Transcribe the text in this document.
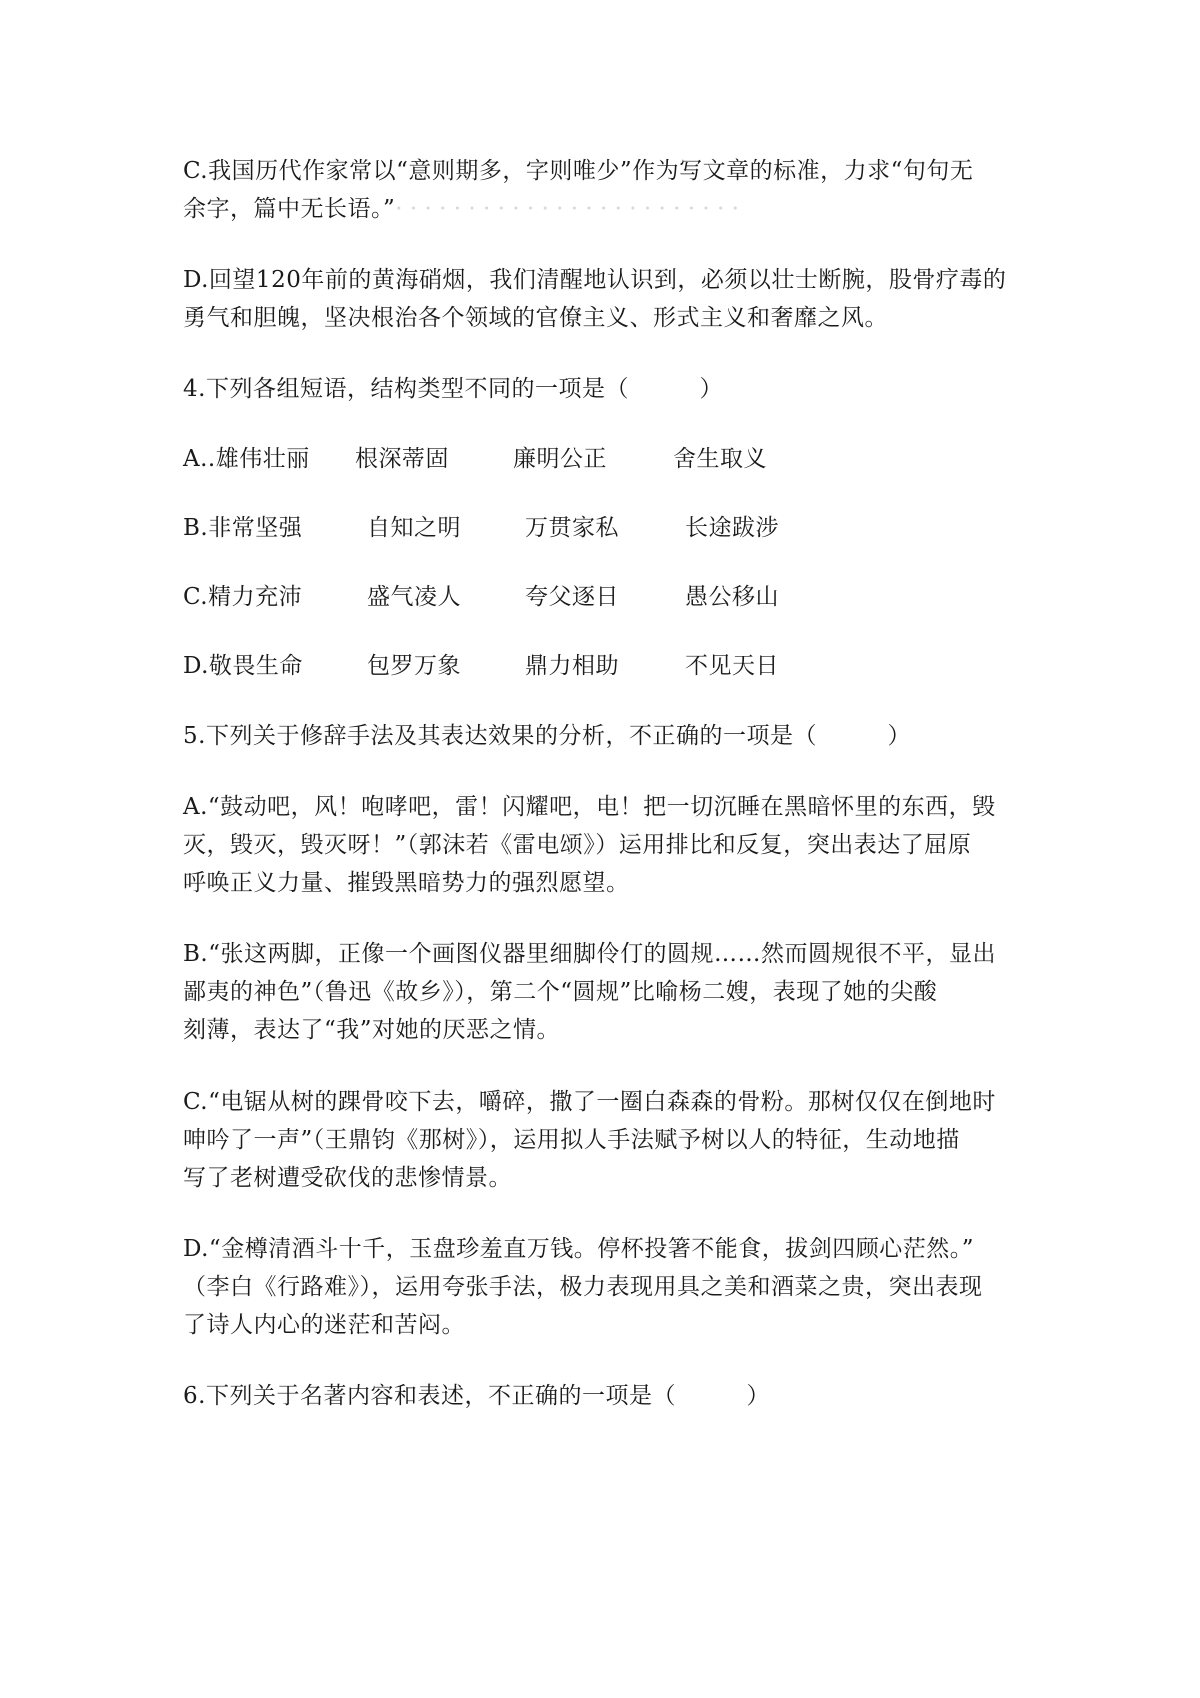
C.我国历代作家常以“意则期多，字则唯少”作为写文章的标准，力求“句句无
余字，篇中无长语。”· · · · · · · · · · · · · · · · · · · · · · · ·
D.回望120年前的黄海硝烟，我们清醒地认识到，必须以壮士断腕，股骨疗毒的
勇气和胆魄，坚决根治各个领域的官僚主义、形式主义和奢靡之风。
4.下列各组短语，结构类型不同的一项是（　　　）
A..雄伟壮丽 根深蒂固	廉明公正	舍生取义
B.非常坚强	自知之明	万贯家私	长途跋涉
C.精力充沛	盛气凌人	夸父逐日	愚公移山
D.敬畏生命	包罗万象	鼎力相助	不见天日
5.下列关于修辞手法及其表达效果的分析，不正确的一项是（　　　）
A.“鼓动吧，风！咆哮吧，雷！闪耀吧，电！把一切沉睡在黑暗怀里的东西，毁
灭，毁灭，毁灭呀！”（郭沫若《雷电颂》）运用排比和反复，突出表达了屈原
呼唤正义力量、摧毁黑暗势力的强烈愿望。
B.“张这两脚，正像一个画图仪器里细脚伶仃的圆规……然而圆规很不平，显出
鄙夷的神色”（鲁迅《故乡》），第二个“圆规”比喻杨二嫂，表现了她的尖酸
刻薄，表达了“我”对她的厌恶之情。
C.“电锯从树的踝骨咬下去，嚼碎，撒了一圈白森森的骨粉。那树仅仅在倒地时
呻吟了一声”（王鼎钧《那树》），运用拟人手法赋予树以人的特征，生动地描
写了老树遭受砍伐的悲惨情景。
D.“金樽清酒斗十千，玉盘珍羞直万钱。停杯投箸不能食，拔剑四顾心茫然。”
（李白《行路难》），运用夸张手法，极力表现用具之美和酒菜之贵，突出表现
了诗人内心的迷茫和苦闷。
6.下列关于名著内容和表述，不正确的一项是（　　　）
